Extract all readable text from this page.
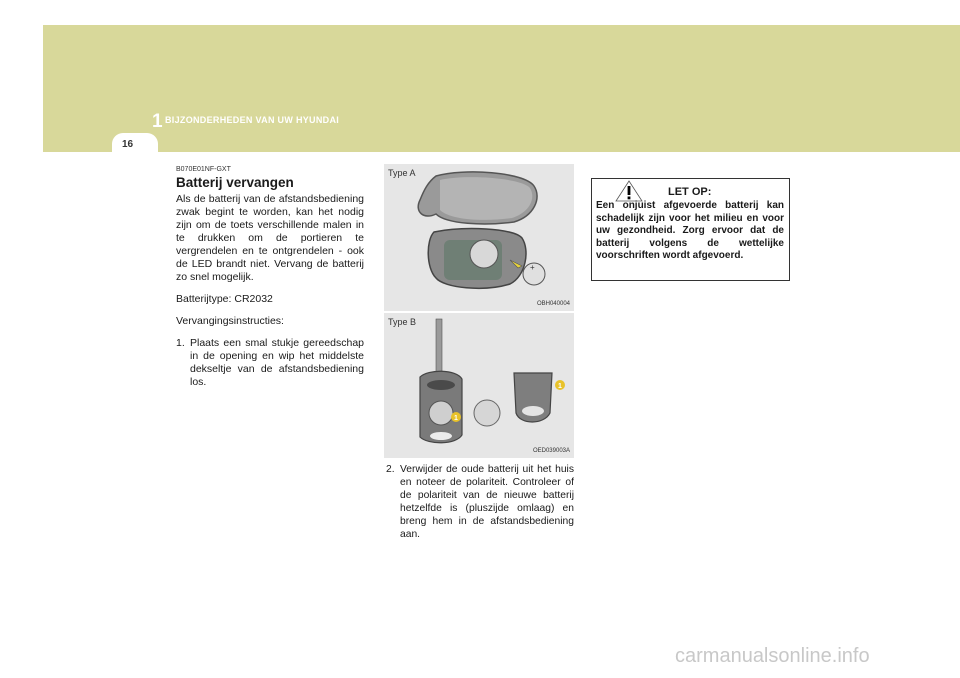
1 BIJZONDERHEDEN VAN UW HYUNDAI
16
B070E01NF-GXT
Batterij vervangen

Als de batterij van de afstandsbediening zwak begint te worden, kan het nodig zijn om de toets verschillende malen in te drukken om de portieren te vergrendelen en te ontgrendelen - ook de LED brandt niet. Vervang de batterij zo snel mogelijk.

Batterijtype: CR2032

Vervangingsinstructies:

1. Plaats een smal stukje gereedschap in de opening en wip het middelste dekseltje van de afstandsbediening los.
+
Type A
OBH040004
1
1
Type B
OED039003A
2. Verwijder de oude batterij uit het huis en noteer de polariteit. Controleer of de polariteit van de nieuwe batterij hetzelfde is (pluszijde omlaag) en breng hem in de afstandsbediening aan.
LET OP:
Een onjuist afgevoerde batterij kan schadelijk zijn voor het milieu en voor uw gezondheid. Zorg ervoor dat de batterij volgens de wettelijke voorschriften wordt afgevoerd.
carmanualsonline.info
